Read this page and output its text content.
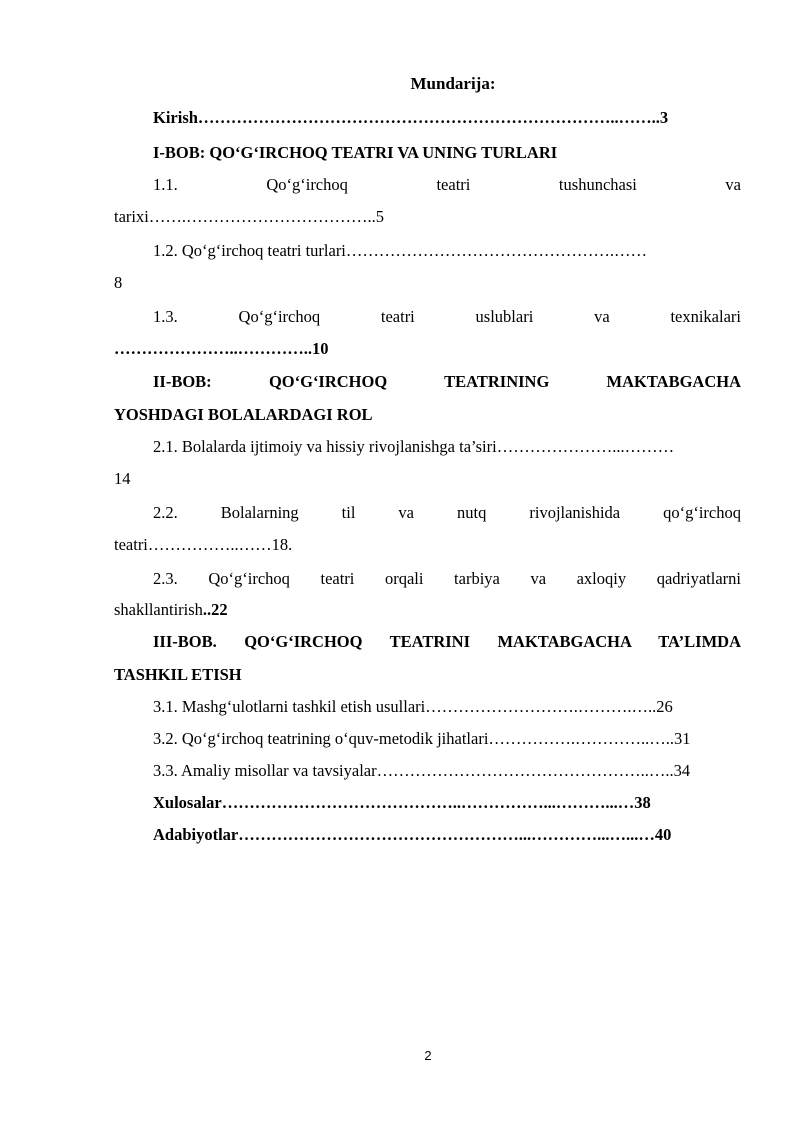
Mundarija:
Kirish…………………………………………………………………..……..3
I-BOB: QO‘G‘IRCHOQ TEATRI VA UNING TURLARI
1.1. Qo‘g‘irchoq teatri tushunchasi va
tarixi…….……………………………..5
1.2. Qo‘g‘irchoq teatri turlari………………………………………….……
8
1.3. Qo‘g‘irchoq teatri uslublari va texnikalari
…………………..…………..10
II-BOB: QO‘G‘IRCHOQ TEATRINING MAKTABGACHA
YOSHDAGI BOLALARDAGI ROL
2.1. Bolalarda ijtimoiy va hissiy rivojlanishga ta’siri…………………...………
14
2.2. Bolalarning til va nutq rivojlanishida qo‘g‘irchoq
teatri……………..……18.
2.3. Qo‘g‘irchoq teatri orqali tarbiya va axloqiy qadriyatlarni
shakllantirish..22
III-BOB. QO‘G‘IRCHOQ TEATRINI MAKTABGACHA TA’LIMDA
TASHKIL ETISH
3.1. Mashg‘ulotlarni tashkil etish usullari……………………….……….…..26
3.2. Qo‘g‘irchoq teatrining o‘quv-metodik jihatlari…………….…………..…..31
3.3. Amaliy misollar va tavsiyalar…………………………………………..…..34
Xulosalar……………………………………..……………...………...…38
Adabiyotlar……………………………………………...…………...…...…40
2
